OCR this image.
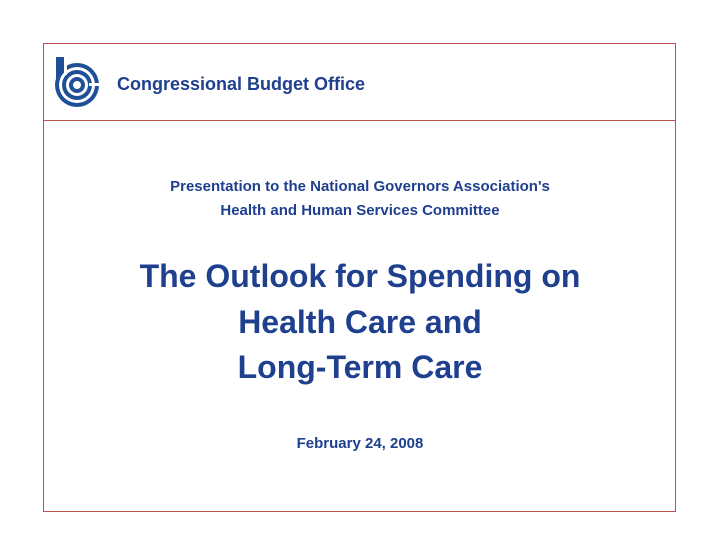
Congressional Budget Office
Presentation to the National Governors Association's
Health and Human Services Committee
The Outlook for Spending on
Health Care and
Long-Term Care
February 24, 2008
